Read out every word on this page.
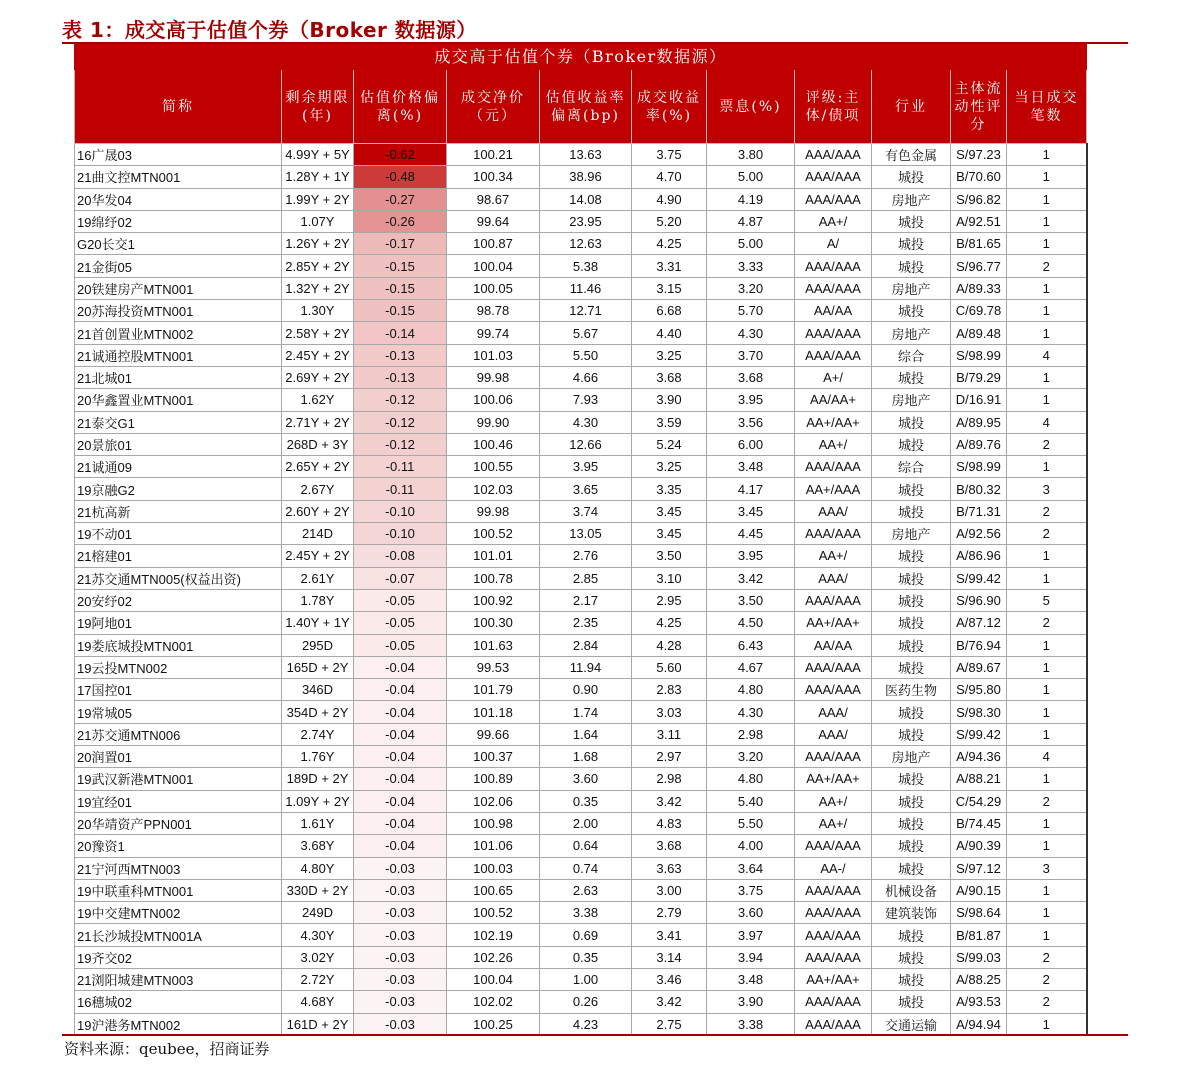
表 1：成交高于估值个券（Broker 数据源）
成交高于估值个券（Broker数据源）										
简称	剩余期限(年)	估值价格偏离(%)	成交净价（元）	估值收益率偏离(bp)	成交收益率(%)	票息(%)	评级:主体/债项	行业	主体流动性评分	当日成交笔数
16广晟03	4.99Y + 5Y	-0.62	100.21	13.63	3.75	3.80	AAA/AAA	有色金属	S/97.23	1
21曲文控MTN001	1.28Y + 1Y	-0.48	100.34	38.96	4.70	5.00	AAA/AAA	城投	B/70.60	1
20华发04	1.99Y + 2Y	-0.27	98.67	14.08	4.90	4.19	AAA/AAA	房地产	S/96.82	1
19绵纾02	1.07Y	-0.26	99.64	23.95	5.20	4.87	AA+/	城投	A/92.51	1
G20长交1	1.26Y + 2Y	-0.17	100.87	12.63	4.25	5.00	A/	城投	B/81.65	1
21金街05	2.85Y + 2Y	-0.15	100.04	5.38	3.31	3.33	AAA/AAA	城投	S/96.77	2
20铁建房产MTN001	1.32Y + 2Y	-0.15	100.05	11.46	3.15	3.20	AAA/AAA	房地产	A/89.33	1
20苏海投资MTN001	1.30Y	-0.15	98.78	12.71	6.68	5.70	AA/AA	城投	C/69.78	1
21首创置业MTN002	2.58Y + 2Y	-0.14	99.74	5.67	4.40	4.30	AAA/AAA	房地产	A/89.48	1
21诚通控股MTN001	2.45Y + 2Y	-0.13	101.03	5.50	3.25	3.70	AAA/AAA	综合	S/98.99	4
21北城01	2.69Y + 2Y	-0.13	99.98	4.66	3.68	3.68	A+/	城投	B/79.29	1
20华鑫置业MTN001	1.62Y	-0.12	100.06	7.93	3.90	3.95	AA/AA+	房地产	D/16.91	1
21泰交G1	2.71Y + 2Y	-0.12	99.90	4.30	3.59	3.56	AA+/AA+	城投	A/89.95	4
20景旅01	268D + 3Y	-0.12	100.46	12.66	5.24	6.00	AA+/	城投	A/89.76	2
21诚通09	2.65Y + 2Y	-0.11	100.55	3.95	3.25	3.48	AAA/AAA	综合	S/98.99	1
19京融G2	2.67Y	-0.11	102.03	3.65	3.35	4.17	AA+/AAA	城投	B/80.32	3
21杭高新	2.60Y + 2Y	-0.10	99.98	3.74	3.45	3.45	AAA/	城投	B/71.31	2
19不动01	214D	-0.10	100.52	13.05	3.45	4.45	AAA/AAA	房地产	A/92.56	2
21榕建01	2.45Y + 2Y	-0.08	101.01	2.76	3.50	3.95	AA+/	城投	A/86.96	1
21苏交通MTN005(权益出资)	2.61Y	-0.07	100.78	2.85	3.10	3.42	AAA/	城投	S/99.42	1
20安纾02	1.78Y	-0.05	100.92	2.17	2.95	3.50	AAA/AAA	城投	S/96.90	5
19阿地01	1.40Y + 1Y	-0.05	100.30	2.35	4.25	4.50	AA+/AA+	城投	A/87.12	2
19娄底城投MTN001	295D	-0.05	101.63	2.84	4.28	6.43	AA/AA	城投	B/76.94	1
19云投MTN002	165D + 2Y	-0.04	99.53	11.94	5.60	4.67	AAA/AAA	城投	A/89.67	1
17国控01	346D	-0.04	101.79	0.90	2.83	4.80	AAA/AAA	医药生物	S/95.80	1
19常城05	354D + 2Y	-0.04	101.18	1.74	3.03	4.30	AAA/	城投	S/98.30	1
21苏交通MTN006	2.74Y	-0.04	99.66	1.64	3.11	2.98	AAA/	城投	S/99.42	1
20润置01	1.76Y	-0.04	100.37	1.68	2.97	3.20	AAA/AAA	房地产	A/94.36	4
19武汉新港MTN001	189D + 2Y	-0.04	100.89	3.60	2.98	4.80	AA+/AA+	城投	A/88.21	1
19宜经01	1.09Y + 2Y	-0.04	102.06	0.35	3.42	5.40	AA+/	城投	C/54.29	2
20华靖资产PPN001	1.61Y	-0.04	100.98	2.00	4.83	5.50	AA+/	城投	B/74.45	1
20豫资1	3.68Y	-0.04	101.06	0.64	3.68	4.00	AAA/AAA	城投	A/90.39	1
21宁河西MTN003	4.80Y	-0.03	100.03	0.74	3.63	3.64	AA-/	城投	S/97.12	3
19中联重科MTN001	330D + 2Y	-0.03	100.65	2.63	3.00	3.75	AAA/AAA	机械设备	A/90.15	1
19中交建MTN002	249D	-0.03	100.52	3.38	2.79	3.60	AAA/AAA	建筑装饰	S/98.64	1
21长沙城投MTN001A	4.30Y	-0.03	102.19	0.69	3.41	3.97	AAA/AAA	城投	B/81.87	1
19齐交02	3.02Y	-0.03	102.26	0.35	3.14	3.94	AAA/AAA	城投	S/99.03	2
21浏阳城建MTN003	2.72Y	-0.03	100.04	1.00	3.46	3.48	AA+/AA+	城投	A/88.25	2
16穗城02	4.68Y	-0.03	102.02	0.26	3.42	3.90	AAA/AAA	城投	A/93.53	2
19沪港务MTN002	161D + 2Y	-0.03	100.25	4.23	2.75	3.38	AAA/AAA	交通运输	A/94.94	1
资料来源：qeubee，招商证券
